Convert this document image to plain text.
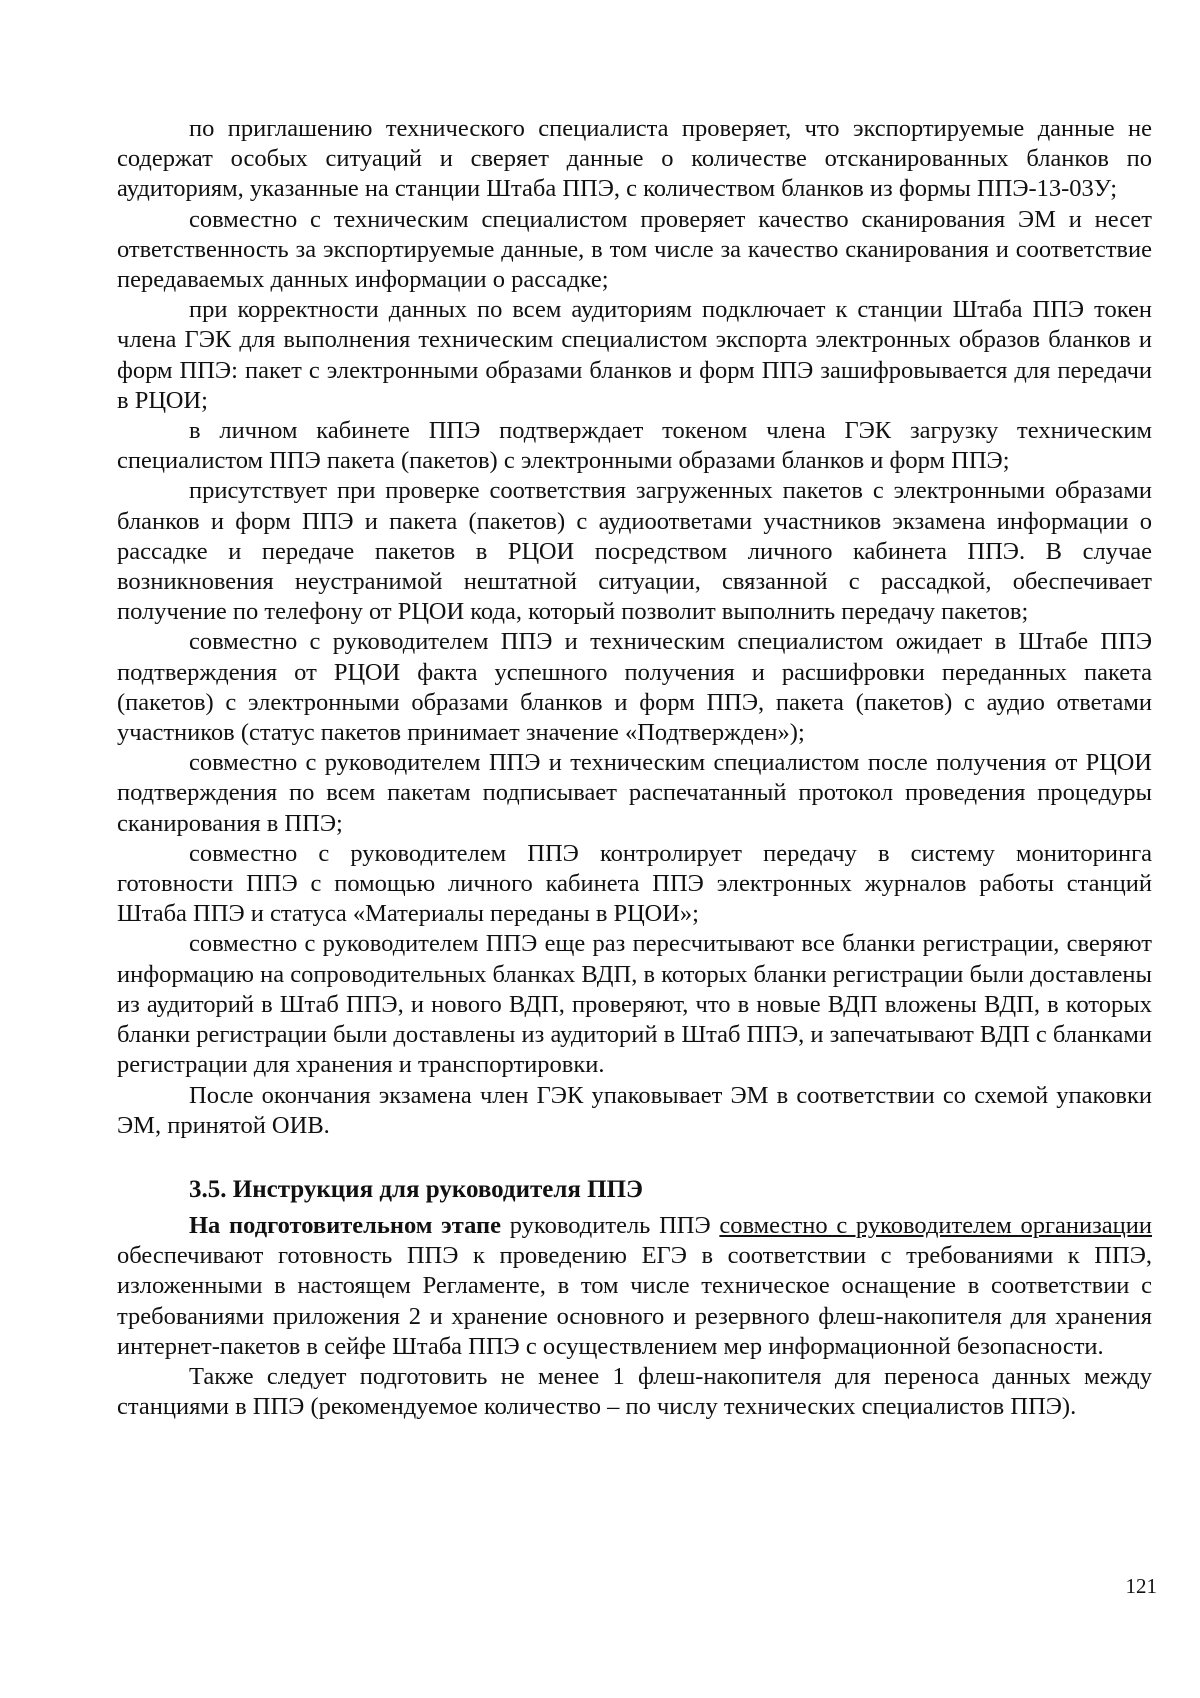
по приглашению технического специалиста проверяет, что экспортируемые данные не содержат особых ситуаций и сверяет данные о количестве отсканированных бланков по аудиториям, указанные на станции Штаба ППЭ, с количеством бланков из формы ППЭ-13-03У;

совместно с техническим специалистом проверяет качество сканирования ЭМ и несет ответственность за экспортируемые данные, в том числе за качество сканирования и соответствие передаваемых данных информации о рассадке;

при корректности данных по всем аудиториям подключает к станции Штаба ППЭ токен члена ГЭК для выполнения техническим специалистом экспорта электронных образов бланков и форм ППЭ: пакет с электронными образами бланков и форм ППЭ зашифровывается для передачи в РЦОИ;

в личном кабинете ППЭ подтверждает токеном члена ГЭК загрузку техническим специалистом ППЭ пакета (пакетов) с электронными образами бланков и форм ППЭ;

присутствует при проверке соответствия загруженных пакетов с электронными образами бланков и форм ППЭ и пакета (пакетов) с аудиоответами участников экзамена информации о рассадке и передаче пакетов в РЦОИ посредством личного кабинета ППЭ. В случае возникновения неустранимой нештатной ситуации, связанной с рассадкой, обеспечивает получение по телефону от РЦОИ кода, который позволит выполнить передачу пакетов;

совместно с руководителем ППЭ и техническим специалистом ожидает в Штабе ППЭ подтверждения от РЦОИ факта успешного получения и расшифровки переданных пакета (пакетов) с электронными образами бланков и форм ППЭ, пакета (пакетов) с аудио ответами участников (статус пакетов принимает значение «Подтвержден»);

совместно с руководителем ППЭ и техническим специалистом после получения от РЦОИ подтверждения по всем пакетам подписывает распечатанный протокол проведения процедуры сканирования в ППЭ;

совместно с руководителем ППЭ контролирует передачу в систему мониторинга готовности ППЭ с помощью личного кабинета ППЭ электронных журналов работы станций Штаба ППЭ и статуса «Материалы переданы в РЦОИ»;

совместно с руководителем ППЭ еще раз пересчитывают все бланки регистрации, сверяют информацию на сопроводительных бланках ВДП, в которых бланки регистрации были доставлены из аудиторий в Штаб ППЭ, и нового ВДП, проверяют, что в новые ВДП вложены ВДП, в которых бланки регистрации были доставлены из аудиторий в Штаб ППЭ, и запечатывают ВДП с бланками регистрации для хранения и транспортировки.

После окончания экзамена член ГЭК упаковывает ЭМ в соответствии со схемой упаковки ЭМ, принятой ОИВ.

3.5. Инструкция для руководителя ППЭ

На подготовительном этапе руководитель ППЭ совместно с руководителем организации обеспечивают готовность ППЭ к проведению ЕГЭ в соответствии с требованиями к ППЭ, изложенными в настоящем Регламенте, в том числе техническое оснащение в соответствии с требованиями приложения 2 и хранение основного и резервного флеш-накопителя для хранения интернет-пакетов в сейфе Штаба ППЭ с осуществлением мер информационной безопасности.

Также следует подготовить не менее 1 флеш-накопителя для переноса данных между станциями в ППЭ (рекомендуемое количество – по числу технических специалистов ППЭ).

121
